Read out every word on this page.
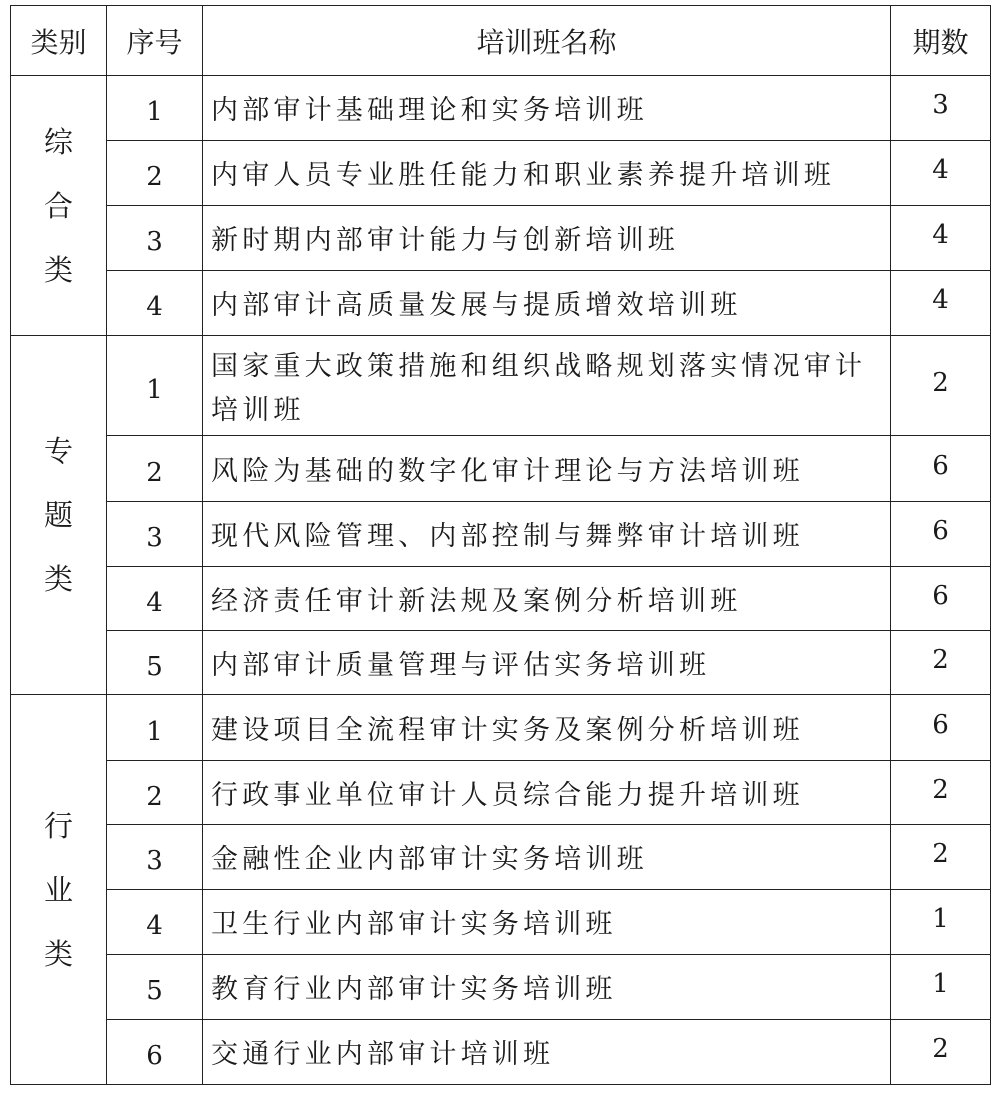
类别	序号	培训班名称	期数
综合类	1	内部审计基础理论和实务培训班	3
	2	内审人员专业胜任能力和职业素养提升培训班	4
	3	新时期内部审计能力与创新培训班	4
	4	内部审计高质量发展与提质增效培训班	4
专题类	1	国家重大政策措施和组织战略规划落实情况审计培训班	2
	2	风险为基础的数字化审计理论与方法培训班	6
	3	现代风险管理、内部控制与舞弊审计培训班	6
	4	经济责任审计新法规及案例分析培训班	6
	5	内部审计质量管理与评估实务培训班	2
行业类	1	建设项目全流程审计实务及案例分析培训班	6
	2	行政事业单位审计人员综合能力提升培训班	2
	3	金融性企业内部审计实务培训班	2
	4	卫生行业内部审计实务培训班	1
	5	教育行业内部审计实务培训班	1
	6	交通行业内部审计培训班	2
